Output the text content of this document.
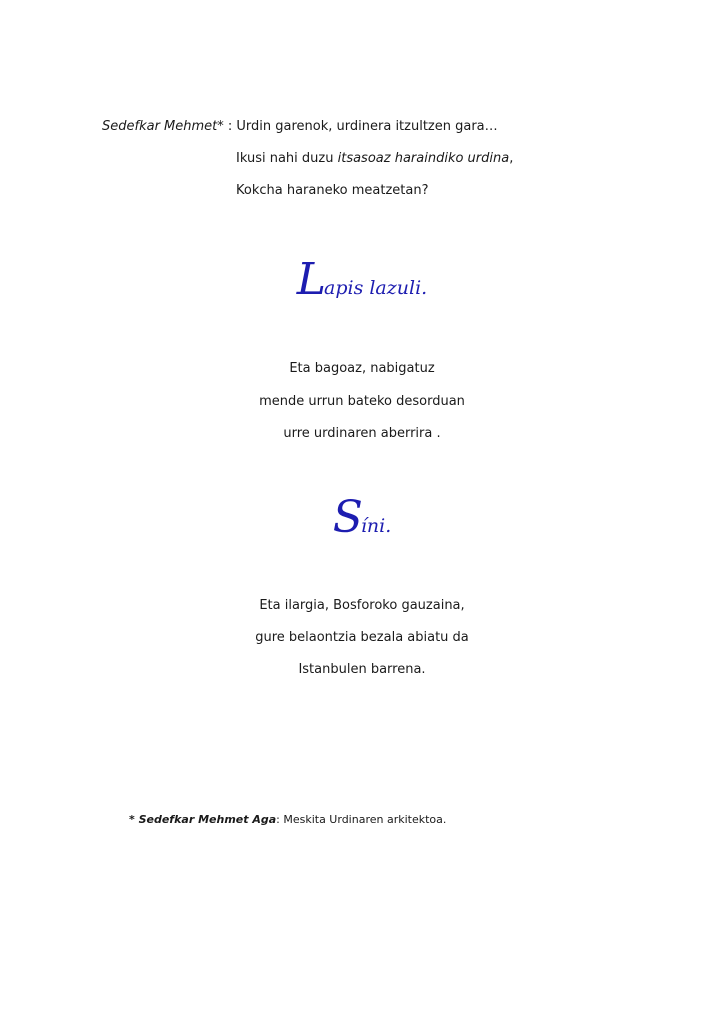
Sedefkar Mehmet* : Urdin garenok, urdinera itzultzen gara…
Ikusi nahi duzu itsasoaz haraindiko urdina,
Kokcha haraneko meatzetan?
Lapis lazuli.
Eta bagoaz, nabigatuz
mende urrun bateko desorduan
urre urdinaren aberrira .
Síni.
Eta ilargia, Bosforoko gauzaina,
gure belaontzia bezala abiatu da
Istanbulen barrena.
* Sedefkar Mehmet Aga: Meskita Urdinaren arkitektoa.
